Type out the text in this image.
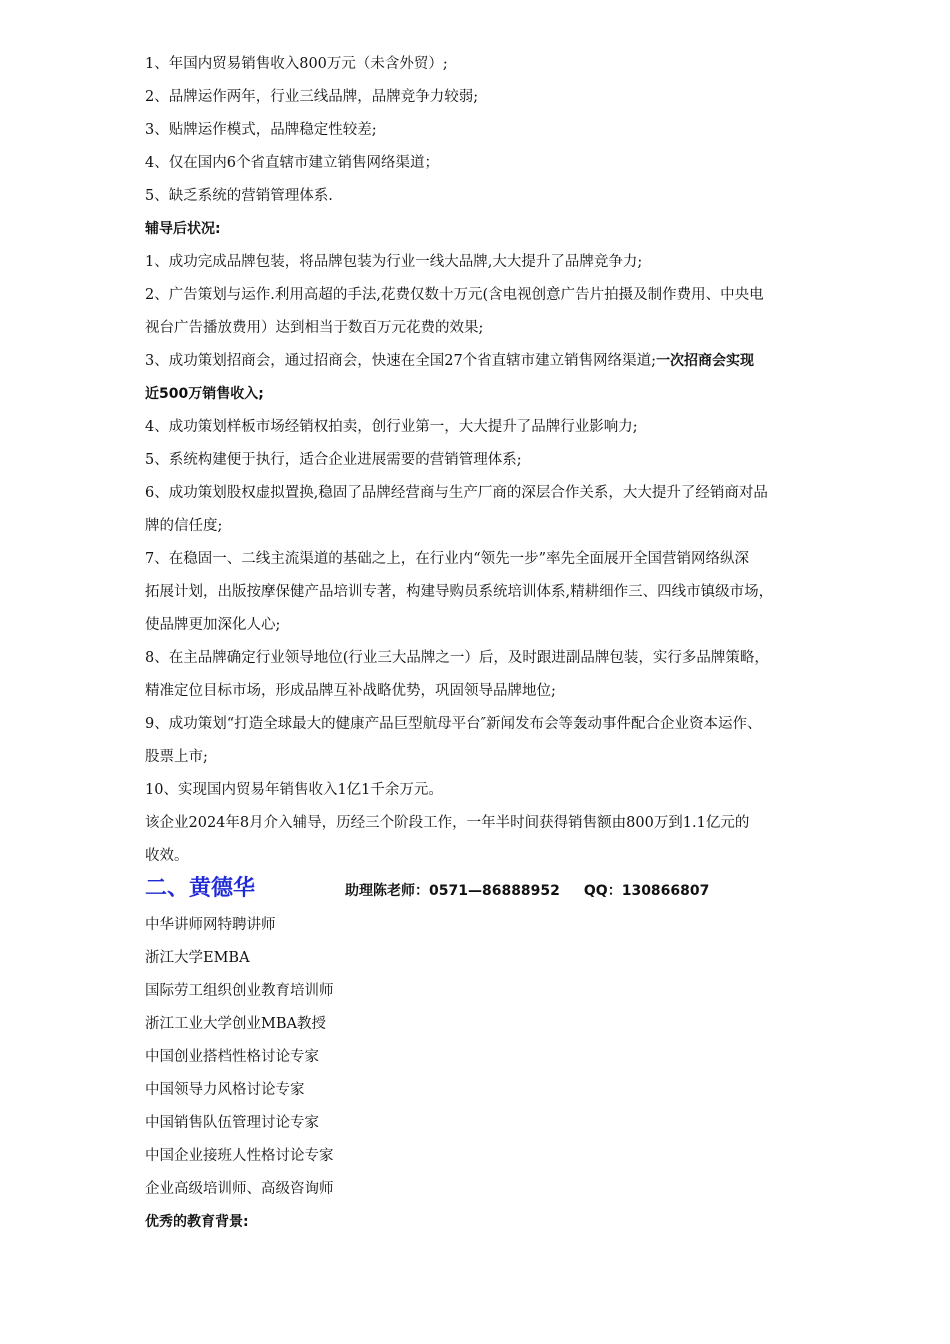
1、年国内贸易销售收入800万元（未含外贸）;
2、品牌运作两年，行业三线品牌，品牌竞争力较弱;
3、贴牌运作模式，品牌稳定性较差;
4、仅在国内6个省直辖市建立销售网络渠道；
5、缺乏系统的营销管理体系.
辅导后状况:
1、成功完成品牌包装，将品牌包装为行业一线大品牌,大大提升了品牌竞争力;
2、广告策划与运作.利用高超的手法,花费仅数十万元(含电视创意广告片拍摄及制作费用、中央电
视台广告播放费用）达到相当于数百万元花费的效果;
3、成功策划招商会，通过招商会，快速在全国27个省直辖市建立销售网络渠道;一次招商会实现
近500万销售收入;
4、成功策划样板市场经销权拍卖，创行业第一，大大提升了品牌行业影响力;
5、系统构建便于执行，适合企业进展需要的营销管理体系;
6、成功策划股权虚拟置换,稳固了品牌经营商与生产厂商的深层合作关系，大大提升了经销商对品
牌的信任度;
7、在稳固一、二线主流渠道的基础之上，在行业内“领先一步”率先全面展开全国营销网络纵深
拓展计划，出版按摩保健产品培训专著，构建导购员系统培训体系,精耕细作三、四线市镇级市场，
使品牌更加深化人心;
8、在主品牌确定行业领导地位(行业三大品牌之一）后，及时跟进副品牌包装，实行多品牌策略，
精准定位目标市场，形成品牌互补战略优势，巩固领导品牌地位;
9、成功策划“打造全球最大的健康产品巨型航母平台″新闻发布会等轰动事件配合企业资本运作、
股票上市;
10、实现国内贸易年销售收入1亿1千余万元。
该企业2024年8月介入辅导，历经三个阶段工作，一年半时间获得销售额由800万到1.1亿元的
收效。
二、黄德华	助理陈老师：0571—86888952 QQ：130866807
中华讲师网特聘讲师
浙江大学EMBA
国际劳工组织创业教育培训师
浙江工业大学创业MBA教授
中国创业搭档性格讨论专家
中国领导力风格讨论专家
中国销售队伍管理讨论专家
中国企业接班人性格讨论专家
企业高级培训师、高级咨询师
优秀的教育背景:
